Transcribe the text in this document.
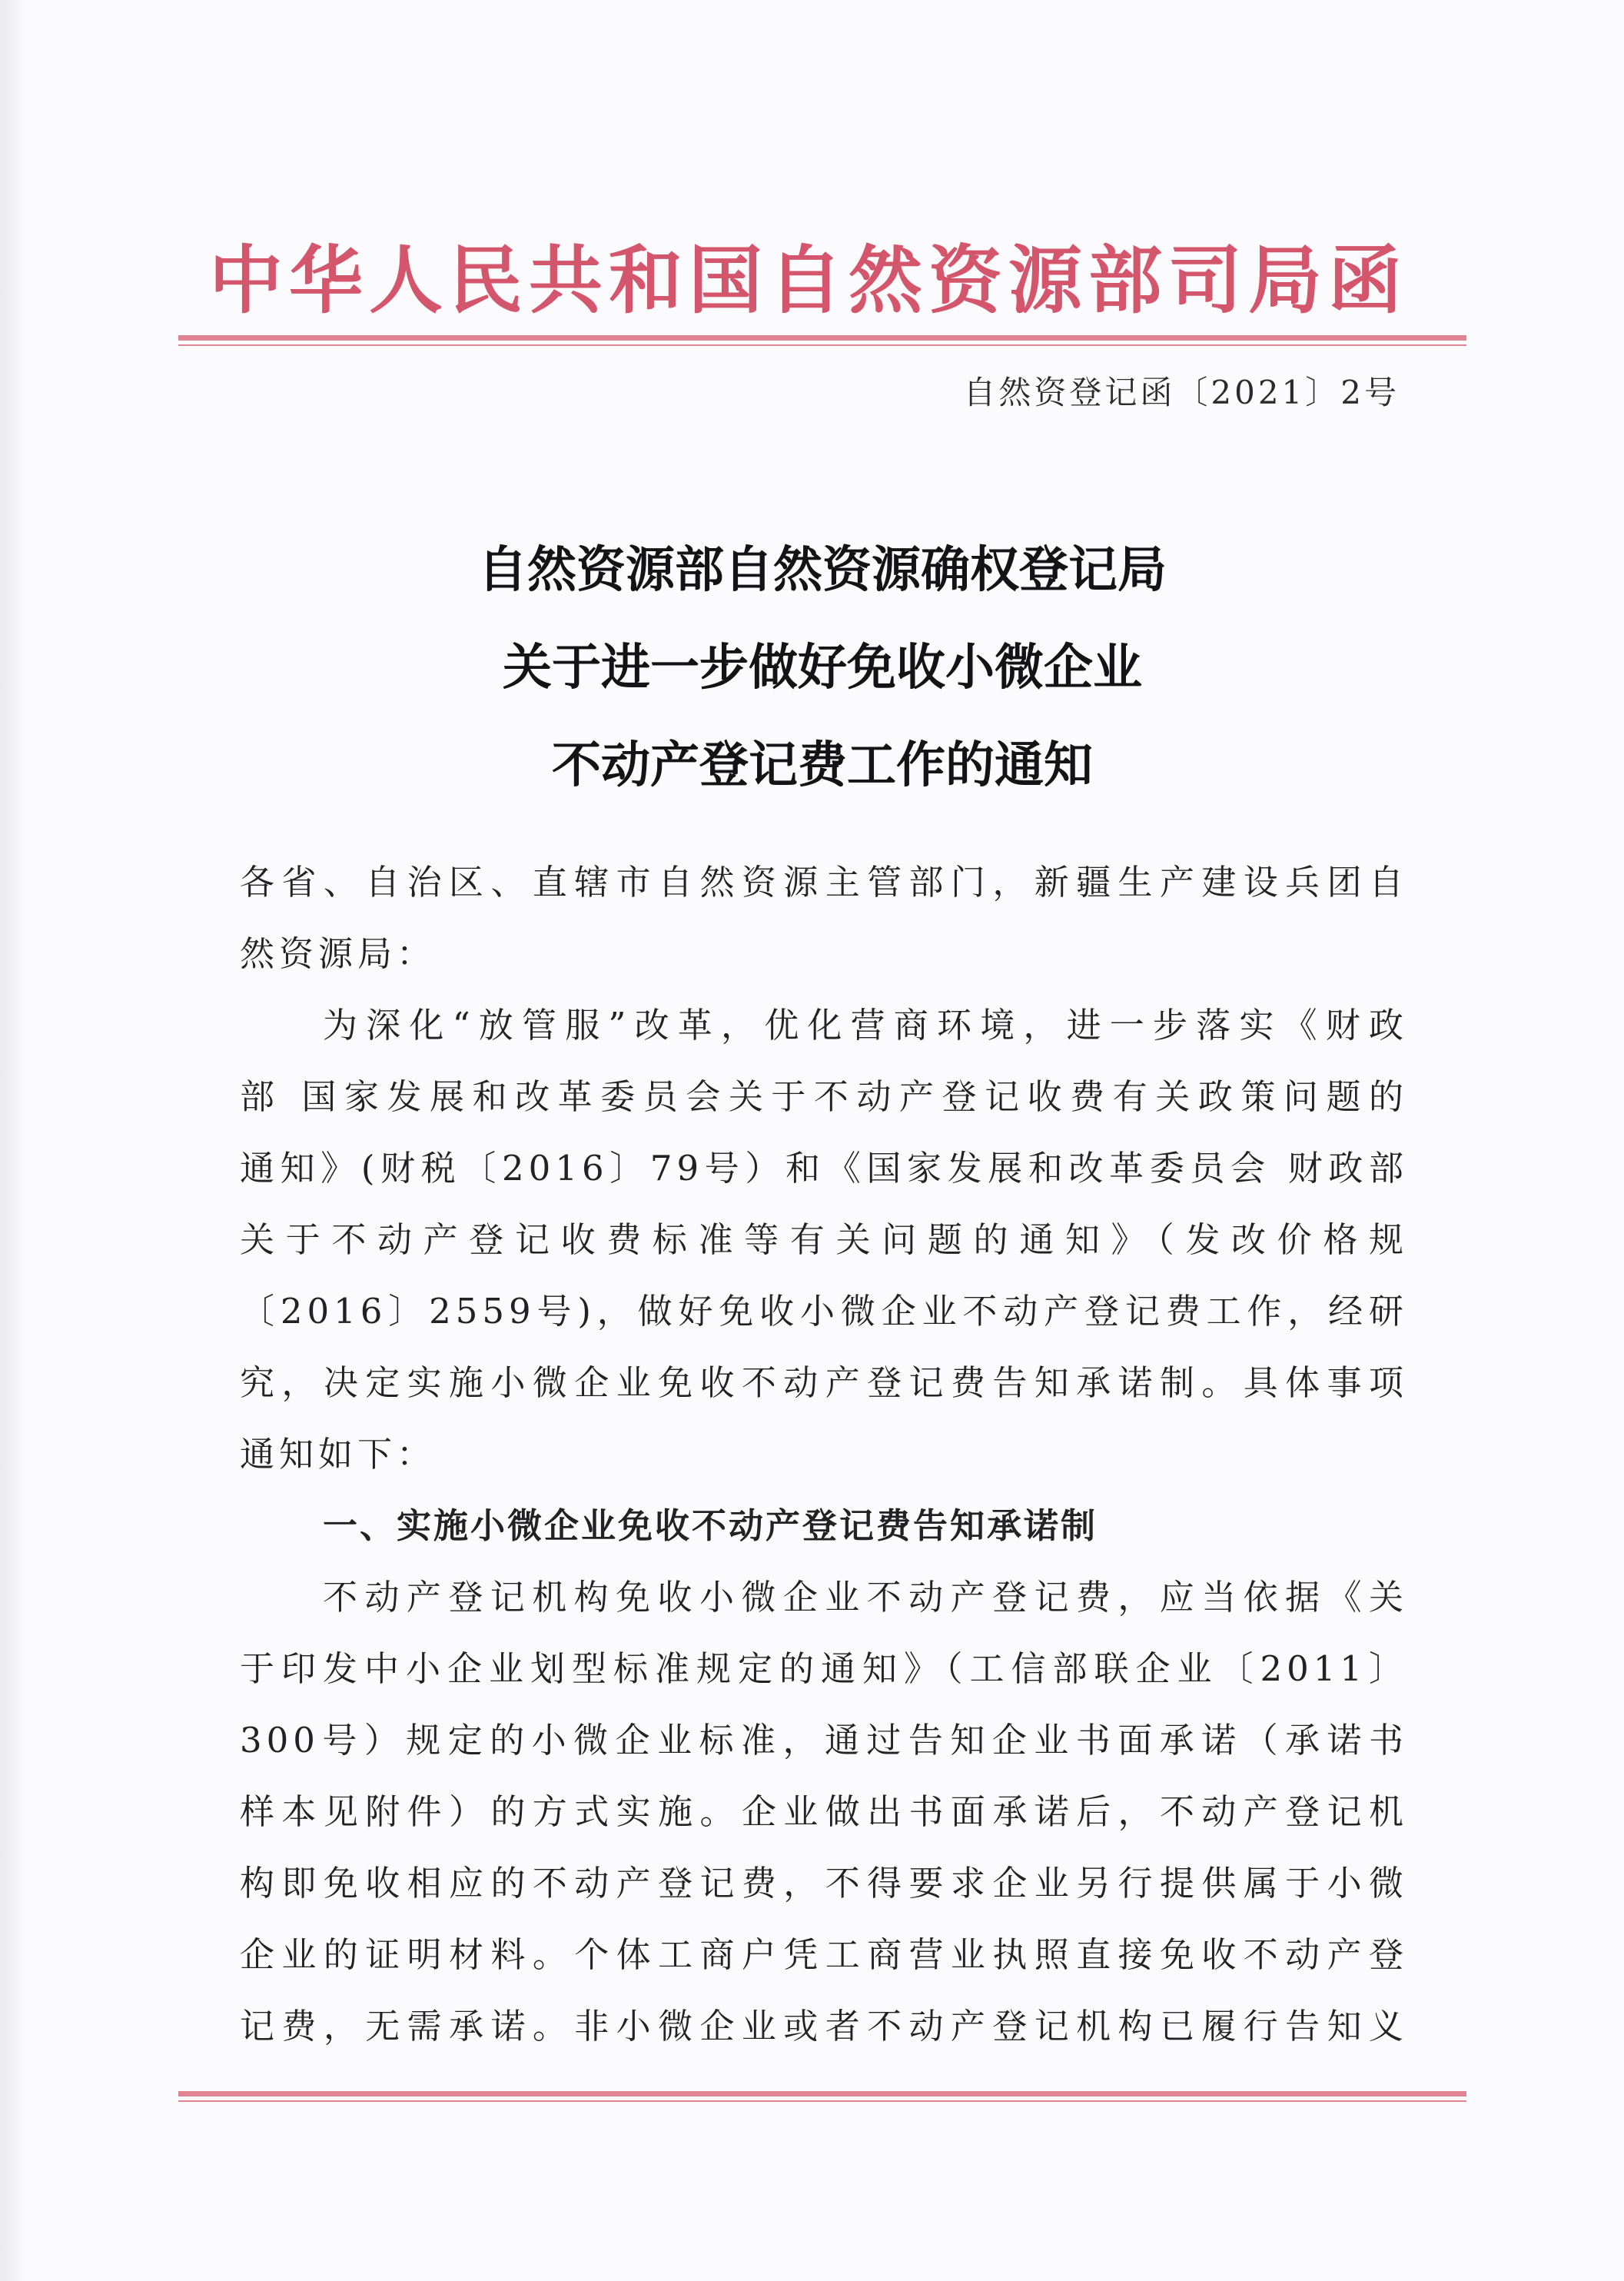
中华人民共和国自然资源部司局函
自然资登记函〔2021〕2号
自然资源部自然资源确权登记局
关于进一步做好免收小微企业
不动产登记费工作的通知
各省、自治区、直辖市自然资源主管部门，新疆生产建设兵团自
然资源局：
为深化“放管服”改革，优化营商环境，进一步落实《财政
部 国家发展和改革委员会关于不动产登记收费有关政策问题的
通知》(财税〔2016〕79号）和《国家发展和改革委员会 财政部
关于不动产登记收费标准等有关问题的通知》（发改价格规
〔2016〕2559号)，做好免收小微企业不动产登记费工作，经研
究，决定实施小微企业免收不动产登记费告知承诺制。具体事项
通知如下：
一、实施小微企业免收不动产登记费告知承诺制
不动产登记机构免收小微企业不动产登记费，应当依据《关
于印发中小企业划型标准规定的通知》（工信部联企业〔2011〕
300号）规定的小微企业标准，通过告知企业书面承诺（承诺书
样本见附件）的方式实施。企业做出书面承诺后，不动产登记机
构即免收相应的不动产登记费，不得要求企业另行提供属于小微
企业的证明材料。个体工商户凭工商营业执照直接免收不动产登
记费，无需承诺。非小微企业或者不动产登记机构已履行告知义
